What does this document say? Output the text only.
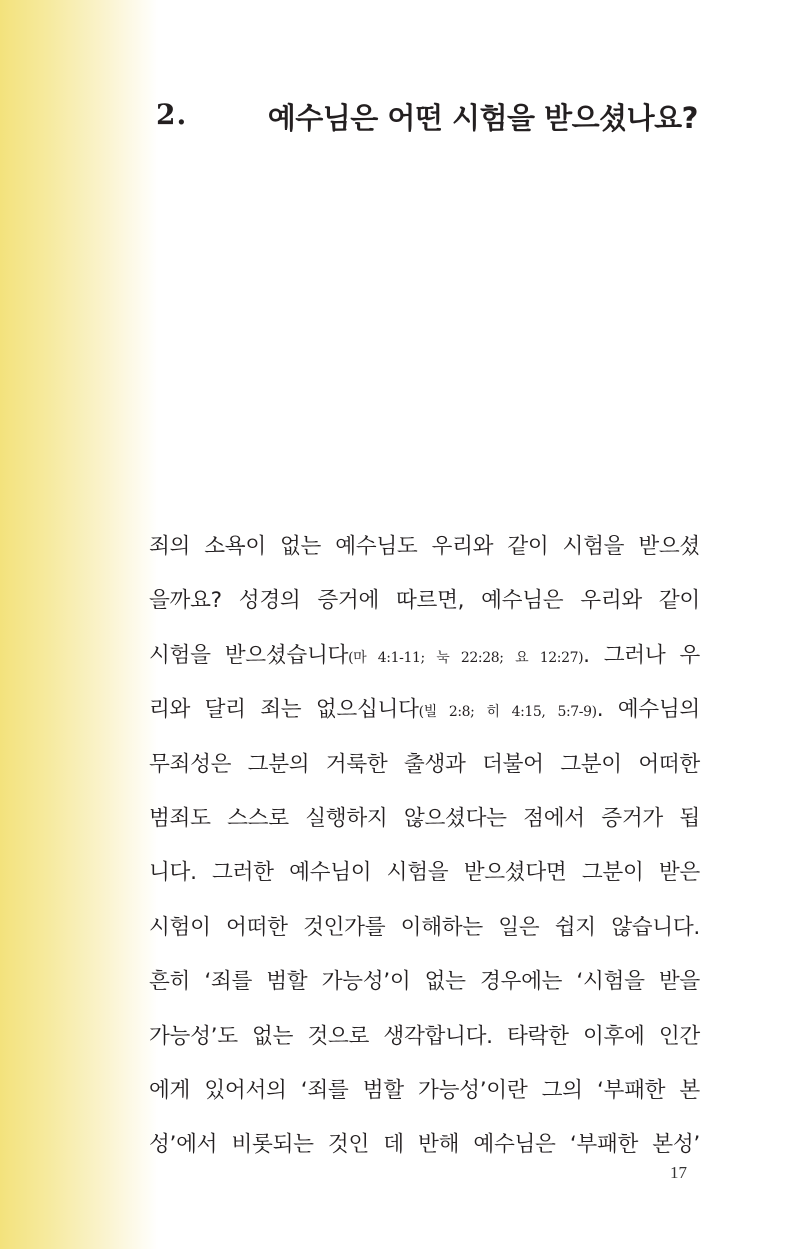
2.	예수님은 어떤 시험을 받으셨나요?
죄의 소욕이 없는 예수님도 우리와 같이 시험을 받으셨
을까요? 성경의 증거에 따르면, 예수님은 우리와 같이
시험을 받으셨습니다(마 4:1-11; 눅 22:28; 요 12:27). 그러나 우
리와 달리 죄는 없으십니다(빌 2:8; 히 4:15, 5:7-9). 예수님의
무죄성은 그분의 거룩한 출생과 더불어 그분이 어떠한
범죄도 스스로 실행하지 않으셨다는 점에서 증거가 됩
니다. 그러한 예수님이 시험을 받으셨다면 그분이 받은
시험이 어떠한 것인가를 이해하는 일은 쉽지 않습니다.
흔히 ‘죄를 범할 가능성’이 없는 경우에는 ‘시험을 받을
가능성’도 없는 것으로 생각합니다. 타락한 이후에 인간
에게 있어서의 ‘죄를 범할 가능성’이란 그의 ‘부패한 본
성’에서 비롯되는 것인 데 반해 예수님은 ‘부패한 본성’
17
